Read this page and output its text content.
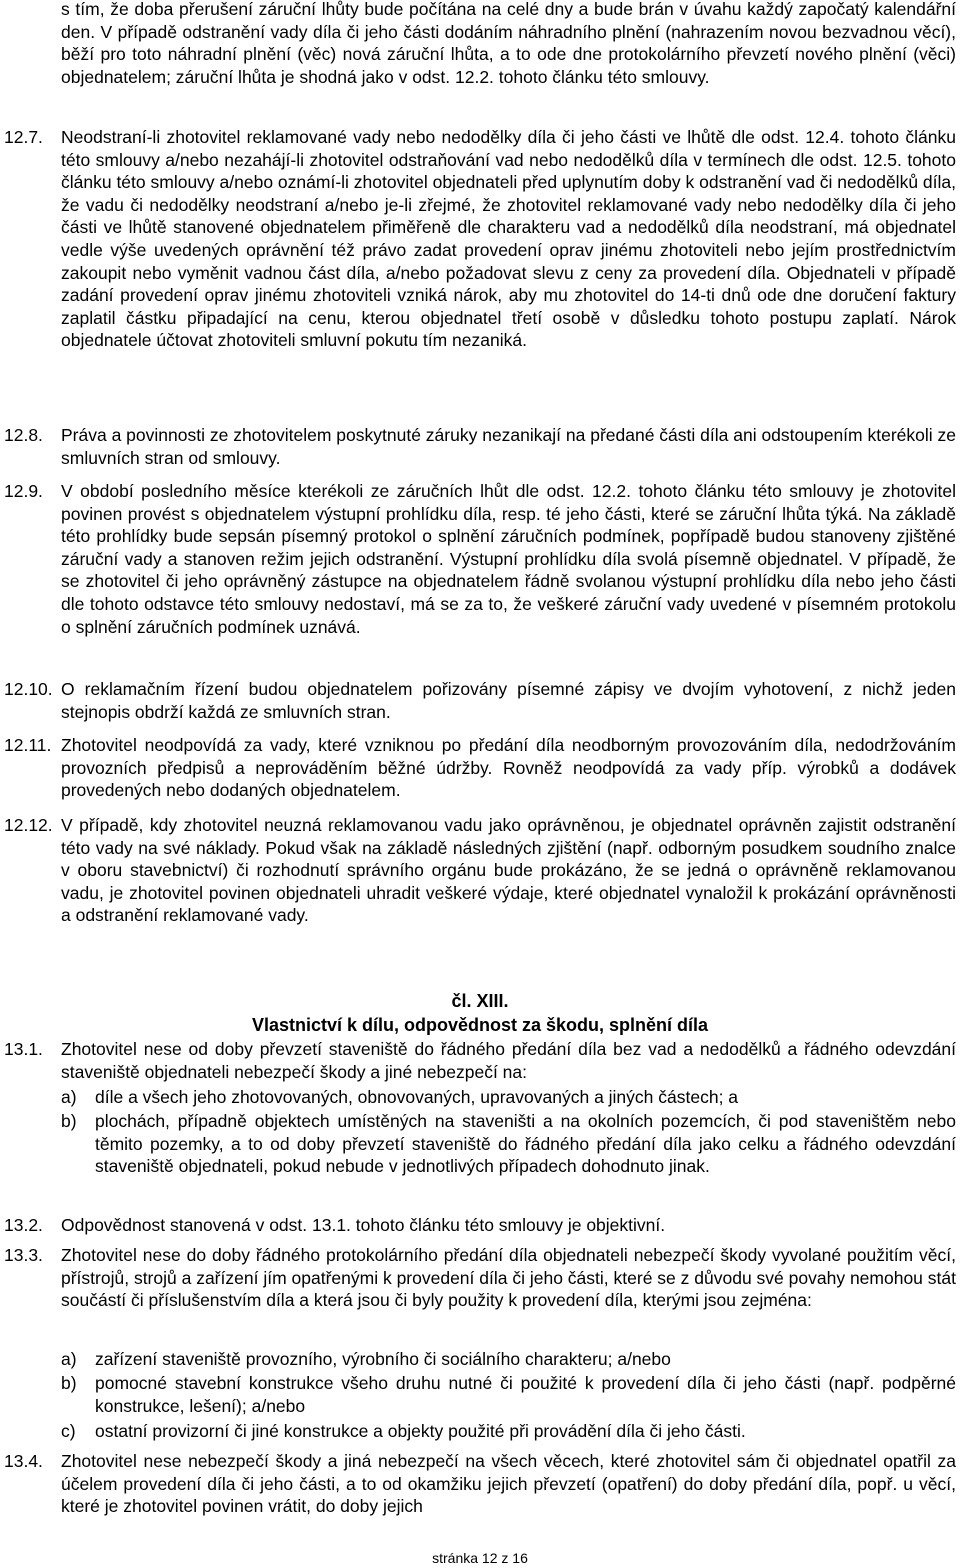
s tím, že doba přerušení záruční lhůty bude počítána na celé dny a bude brán v úvahu každý započatý kalendářní den. V případě odstranění vady díla či jeho části dodáním náhradního plnění (nahrazením novou bezvadnou věcí), běží pro toto náhradní plnění (věc) nová záruční lhůta, a to ode dne protokolárního převzetí nového plnění (věci) objednatelem; záruční lhůta je shodná jako v odst. 12.2. tohoto článku této smlouvy.
12.7. Neodstraní-li zhotovitel reklamované vady nebo nedodělky díla či jeho části ve lhůtě dle odst. 12.4. tohoto článku této smlouvy a/nebo nezahájí-li zhotovitel odstraňování vad nebo nedodělků díla v termínech dle odst. 12.5. tohoto článku této smlouvy a/nebo oznámí-li zhotovitel objednateli před uplynutím doby k odstranění vad či nedodělků díla, že vadu či nedodělky neodstraní a/nebo je-li zřejmé, že zhotovitel reklamované vady nebo nedodělky díla či jeho části ve lhůtě stanovené objednatelem přiměřeně dle charakteru vad a nedodělků díla neodstraní, má objednatel vedle výše uvedených oprávnění též právo zadat provedení oprav jinému zhotoviteli nebo jejím prostřednictvím zakoupit nebo vyměnit vadnou část díla, a/nebo požadovat slevu z ceny za provedení díla. Objednateli v případě zadání provedení oprav jinému zhotoviteli vzniká nárok, aby mu zhotovitel do 14-ti dnů ode dne doručení faktury zaplatil částku připadající na cenu, kterou objednatel třetí osobě v důsledku tohoto postupu zaplatí. Nárok objednatele účtovat zhotoviteli smluvní pokutu tím nezaniká.
12.8. Práva a povinnosti ze zhotovitelem poskytnuté záruky nezanikají na předané části díla ani odstoupením kterékoli ze smluvních stran od smlouvy.
12.9. V období posledního měsíce kterékoli ze záručních lhůt dle odst. 12.2. tohoto článku této smlouvy je zhotovitel povinen provést s objednatelem výstupní prohlídku díla, resp. té jeho části, které se záruční lhůta týká. Na základě této prohlídky bude sepsán písemný protokol o splnění záručních podmínek, popřípadě budou stanoveny zjištěné záruční vady a stanoven režim jejich odstranění. Výstupní prohlídku díla svolá písemně objednatel. V případě, že se zhotovitel či jeho oprávněný zástupce na objednatelem řádně svolanou výstupní prohlídku díla nebo jeho části dle tohoto odstavce této smlouvy nedostaví, má se za to, že veškeré záruční vady uvedené v písemném protokolu o splnění záručních podmínek uznává.
12.10. O reklamačním řízení budou objednatelem pořizovány písemné zápisy ve dvojím vyhotovení, z nichž jeden stejnopis obdrží každá ze smluvních stran.
12.11. Zhotovitel neodpovídá za vady, které vzniknou po předání díla neodborným provozováním díla, nedodržováním provozních předpisů a neprováděním běžné údržby. Rovněž neodpovídá za vady příp. výrobků a dodávek provedených nebo dodaných objednatelem.
12.12. V případě, kdy zhotovitel neuzná reklamovanou vadu jako oprávněnou, je objednatel oprávněn zajistit odstranění této vady na své náklady. Pokud však na základě následných zjištění (např. odborným posudkem soudního znalce v oboru stavebnictví) či rozhodnutí správního orgánu bude prokázáno, že se jedná o oprávněně reklamovanou vadu, je zhotovitel povinen objednateli uhradit veškeré výdaje, které objednatel vynaložil k prokázání oprávněnosti a odstranění reklamované vady.
čl. XIII.
Vlastnictví k dílu, odpovědnost za škodu, splnění díla
13.1. Zhotovitel nese od doby převzetí staveniště do řádného předání díla bez vad a nedodělků a řádného odevzdání staveniště objednateli nebezpečí škody a jiné nebezpečí na:
a) díle a všech jeho zhotovovaných, obnovovaných, upravovaných a jiných částech; a
b) plochách, případně objektech umístěných na staveništi a na okolních pozemcích, či pod staveništěm nebo těmito pozemky, a to od doby převzetí staveniště do řádného předání díla jako celku a řádného odevzdání staveniště objednateli, pokud nebude v jednotlivých případech dohodnuto jinak.
13.2. Odpovědnost stanovená v odst. 13.1. tohoto článku této smlouvy je objektivní.
13.3. Zhotovitel nese do doby řádného protokolárního předání díla objednateli nebezpečí škody vyvolané použitím věcí, přístrojů, strojů a zařízení jím opatřenými k provedení díla či jeho části, které se z důvodu své povahy nemohou stát součástí či příslušenstvím díla a která jsou či byly použity k provedení díla, kterými jsou zejména:
a) zařízení staveniště provozního, výrobního či sociálního charakteru; a/nebo
b) pomocné stavební konstrukce všeho druhu nutné či použité k provedení díla či jeho části (např. podpěrné konstrukce, lešení); a/nebo
c) ostatní provizorní či jiné konstrukce a objekty použité při provádění díla či jeho části.
13.4. Zhotovitel nese nebezpečí škody a jiná nebezpečí na všech věcech, které zhotovitel sám či objednatel opatřil za účelem provedení díla či jeho části, a to od okamžiku jejich převzetí (opatření) do doby předání díla, popř. u věcí, které je zhotovitel povinen vrátit, do doby jejich
stránka 12 z 16
